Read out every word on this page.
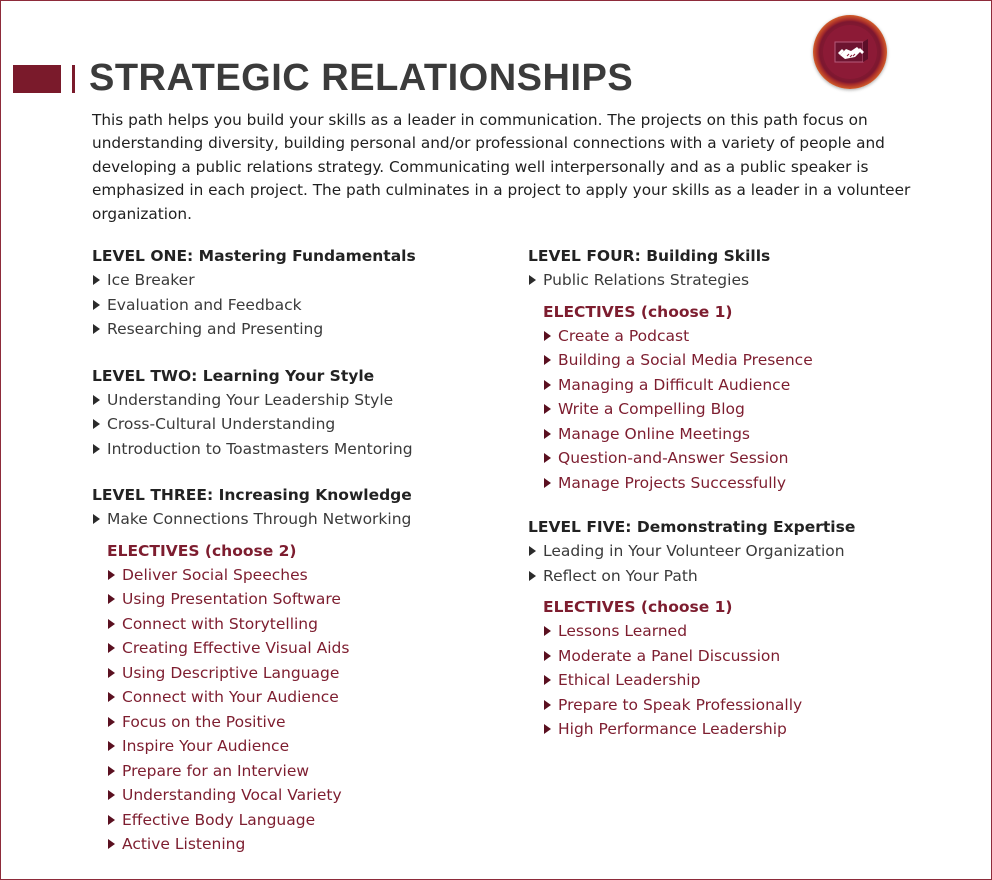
STRATEGIC RELATIONSHIPS
This path helps you build your skills as a leader in communication. The projects on this path focus on understanding diversity, building personal and/or professional connections with a variety of people and developing a public relations strategy. Communicating well interpersonally and as a public speaker is emphasized in each project. The path culminates in a project to apply your skills as a leader in a volunteer organization.
LEVEL ONE: Mastering Fundamentals
Ice Breaker
Evaluation and Feedback
Researching and Presenting
LEVEL TWO: Learning Your Style
Understanding Your Leadership Style
Cross-Cultural Understanding
Introduction to Toastmasters Mentoring
LEVEL THREE: Increasing Knowledge
Make Connections Through Networking
ELECTIVES (choose 2)
Deliver Social Speeches
Using Presentation Software
Connect with Storytelling
Creating Effective Visual Aids
Using Descriptive Language
Connect with Your Audience
Focus on the Positive
Inspire Your Audience
Prepare for an Interview
Understanding Vocal Variety
Effective Body Language
Active Listening
LEVEL FOUR: Building Skills
Public Relations Strategies
ELECTIVES (choose 1)
Create a Podcast
Building a Social Media Presence
Managing a Difficult Audience
Write a Compelling Blog
Manage Online Meetings
Question-and-Answer Session
Manage Projects Successfully
LEVEL FIVE: Demonstrating Expertise
Leading in Your Volunteer Organization
Reflect on Your Path
ELECTIVES (choose 1)
Lessons Learned
Moderate a Panel Discussion
Ethical Leadership
Prepare to Speak Professionally
High Performance Leadership
